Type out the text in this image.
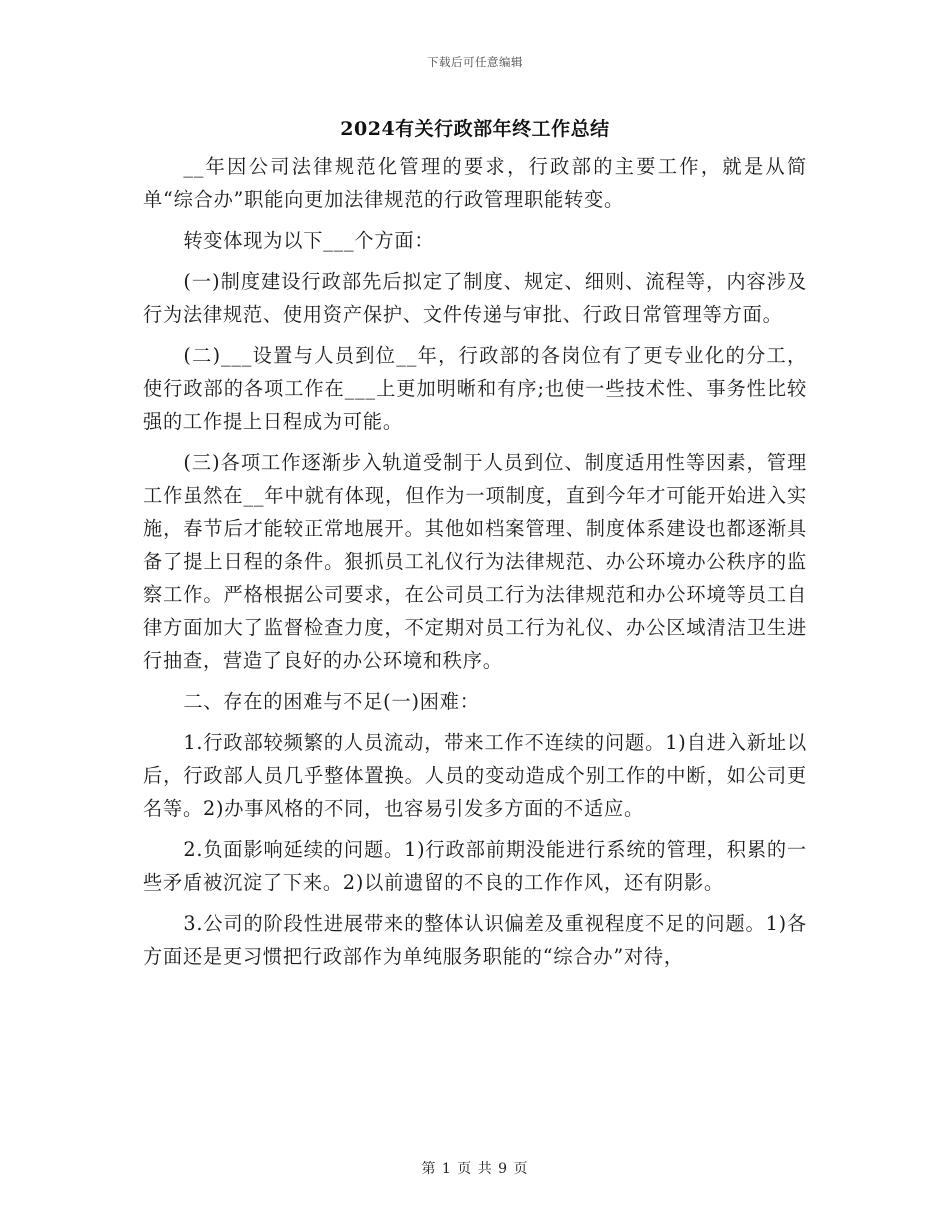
下载后可任意编辑
2024有关行政部年终工作总结

__年因公司法律规范化管理的要求，行政部的主要工作，就是从简单“综合办”职能向更加法律规范的行政管理职能转变。

转变体现为以下___个方面：

(一)制度建设行政部先后拟定了制度、规定、细则、流程等，内容涉及行为法律规范、使用资产保护、文件传递与审批、行政日常管理等方面。

(二)___设置与人员到位__年，行政部的各岗位有了更专业化的分工，使行政部的各项工作在___上更加明晰和有序;也使一些技术性、事务性比较强的工作提上日程成为可能。

(三)各项工作逐渐步入轨道受制于人员到位、制度适用性等因素，管理工作虽然在__年中就有体现，但作为一项制度，直到今年才可能开始进入实施，春节后才能较正常地展开。其他如档案管理、制度体系建设也都逐渐具备了提上日程的条件。狠抓员工礼仪行为法律规范、办公环境办公秩序的监察工作。严格根据公司要求，在公司员工行为法律规范和办公环境等员工自律方面加大了监督检查力度，不定期对员工行为礼仪、办公区域清洁卫生进行抽查，营造了良好的办公环境和秩序。

二、存在的困难与不足(一)困难：

1.行政部较频繁的人员流动，带来工作不连续的问题。1)自进入新址以后，行政部人员几乎整体置换。人员的变动造成个别工作的中断，如公司更名等。2)办事风格的不同，也容易引发多方面的不适应。

2.负面影响延续的问题。1)行政部前期没能进行系统的管理，积累的一些矛盾被沉淀了下来。2)以前遗留的不良的工作作风，还有阴影。

3.公司的阶段性进展带来的整体认识偏差及重视程度不足的问题。1)各方面还是更习惯把行政部作为单纯服务职能的“综合办”对待，

第 1 页 共 9 页
